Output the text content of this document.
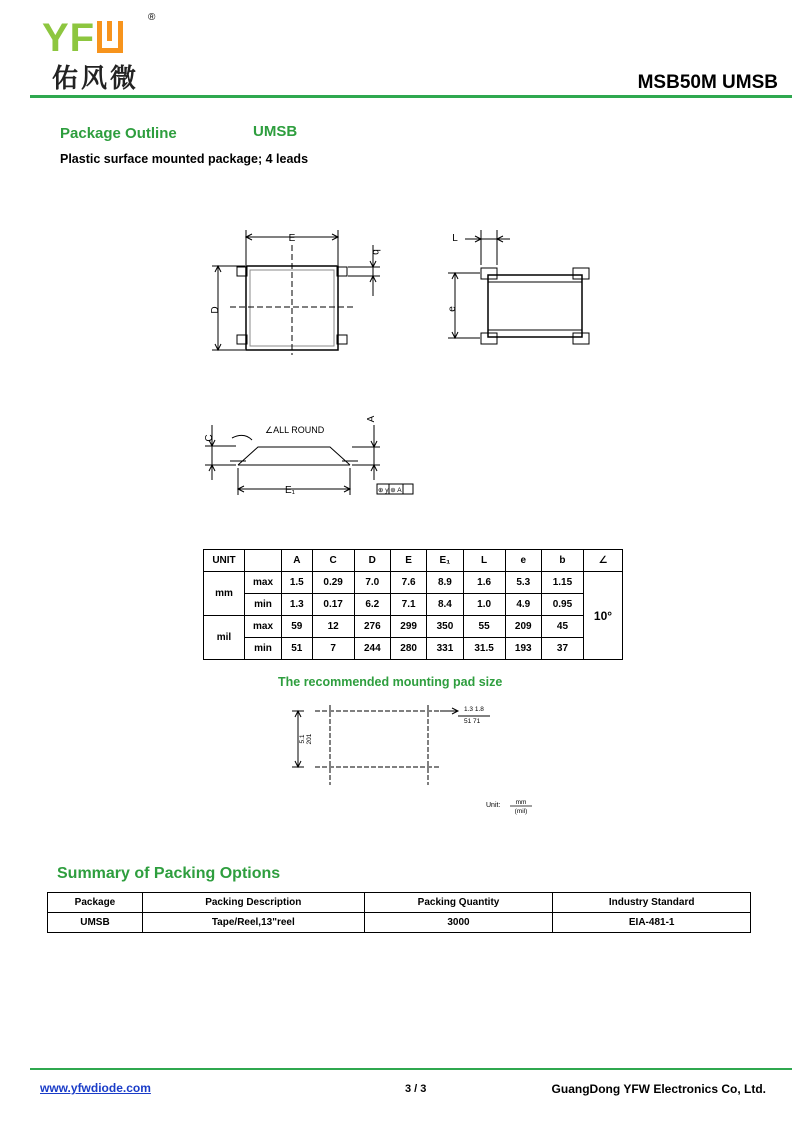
YF	®
佑风微	MSB50M UMSB
Package Outline	UMSB
Plastic surface mounted package; 4 leads
E
D
b
L
e
C
A
∠ALL ROUND
E₁	⊕ y ⊛ A
UNIT		A	C	D	E	E₁	L	e	b	∠
mm	max	1.5	0.29	7.0	7.6	8.9	1.6	5.3	1.15	10°
	min	1.3	0.17	6.2	7.1	8.4	1.0	4.9	0.95	
mil	max	59	12	276	299	350	55	209	45	
	min	51	7	244	280	331	31.5	193	37	
The recommended mounting pad size
1.3 1.8
51 71
5.1 201
Unit: mm
(mil)
Summary of Packing Options
Package	Packing Description	Packing Quantity	Industry Standard
UMSB	Tape/Reel,13"reel	3000	EIA-481-1
www.yfwdiode.com	3 / 3	GuangDong YFW Electronics Co, Ltd.
